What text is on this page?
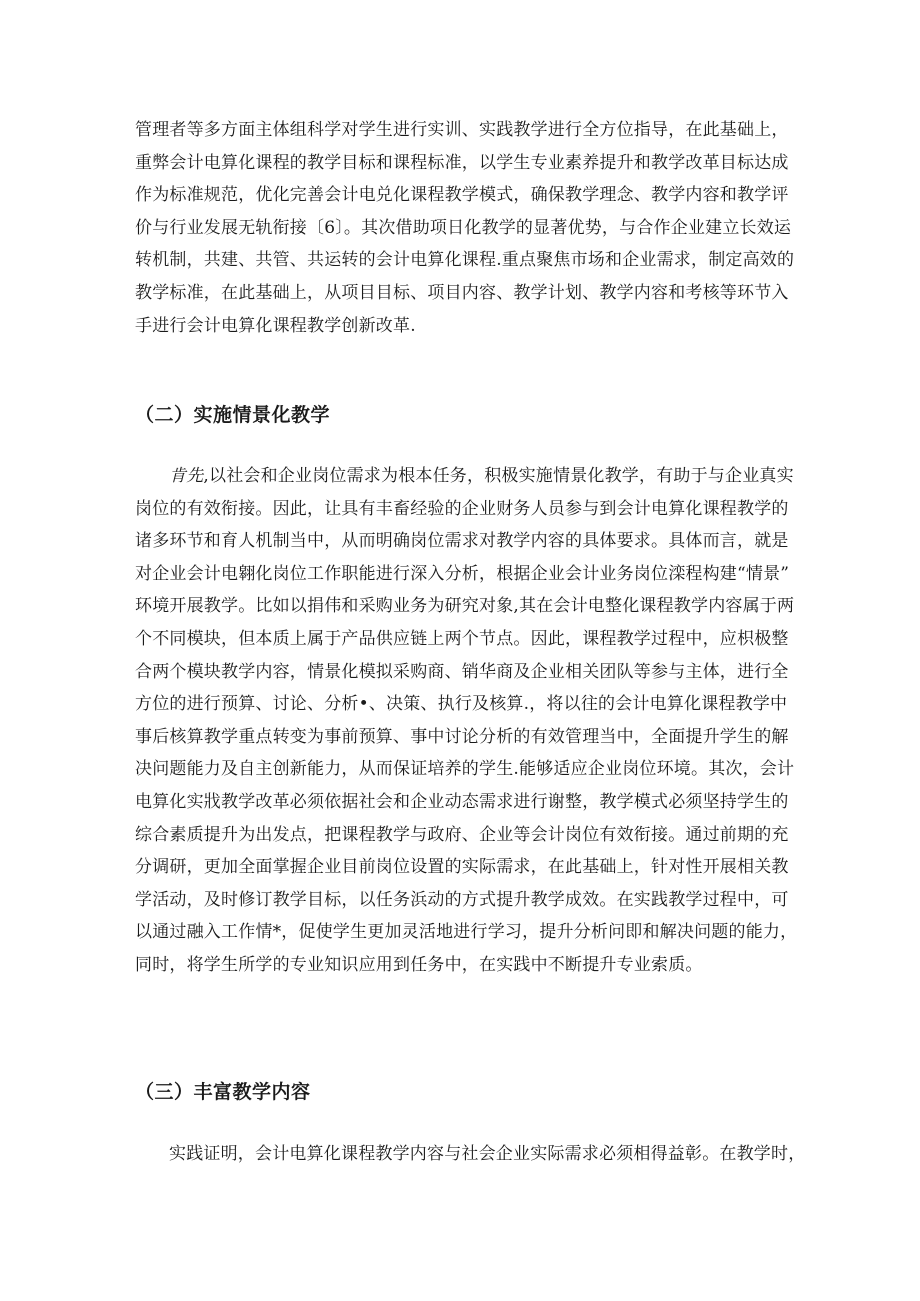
管理者等多方面主体组科学对学生进行实训、实践教学进行全方位指导，在此基础上，
重弊会计电算化课程的教学目标和课程标准，以学生专业素养提升和教学改革目标达成
作为标准规范，优化完善会计电兑化课程教学模式，确保教学理念、教学内容和教学评
价与行业发展无轨衔接〔6〕。其次借助项日化教学的显著优势，与合作企业建立长效运
转机制，共建、共管、共运转的会计电算化课程.重点聚焦市场和企业需求，制定高效的
教学标准，在此基础上，从项目目标、项目内容、教学计划、教学内容和考核等环节入
手进行会计电算化课程教学创新改革.
（二）实施情景化教学
肯先,以社会和企业岗位需求为根本任务，积极实施情景化教学，有助于与企业真实
岗位的有效衔接。因此，让具有丰畜经验的企业财务人员参与到会计电算化课程教学的
诸多环节和育人机制当中，从而明确岗位需求对教学内容的具体要求。具体而言，就是
对企业会计电翱化岗位工作职能进行深入分析，根据企业会计业务岗位滦程构建“情景”
环境开展教学。比如以捐伟和采购业务为研究对象,其在会计电整化课程教学内容属于两
个不同模块，但本质上属于产品供应链上两个节点。因此，课程教学过程中，应枳极整
合两个模块教学内容，情景化模拟采购商、销华商及企业相关团队等参与主体，进行全
方位的进行预算、讨论、分析•、决策、执行及核算.，将以往的会计电算化课程教学中
事后核算教学重点转变为事前预算、事中讨论分析的有效管理当中，全面提升学生的解
决问题能力及自主创新能力，从而保证培养的学生.能够适应企业岗位环境。其次，会计
电算化实戕教学改革必须依据社会和企业动态需求进行谢整，教学模式必须坚持学生的
综合素质提升为出发点，把课程教学与政府、企业等会计岗位有效衔接。通过前期的充
分调研，更加全面掌握企业目前岗位设置的实际需求，在此基础上，针对性开展相关教
学活动，及时修订教学目标，以任务浜动的方式提升教学成效。在实践教学过程中，可
以通过融入工作情*，促使学生更加灵活地进行学习，提升分析问即和解决问题的能力，
同时，将学生所学的专业知识应用到任务中，在实践中不断提升专业索质。
（三）丰富教学内容
实践证明，会计电算化课程教学内容与社会企业实际需求必须相得益彰。在教学时，
